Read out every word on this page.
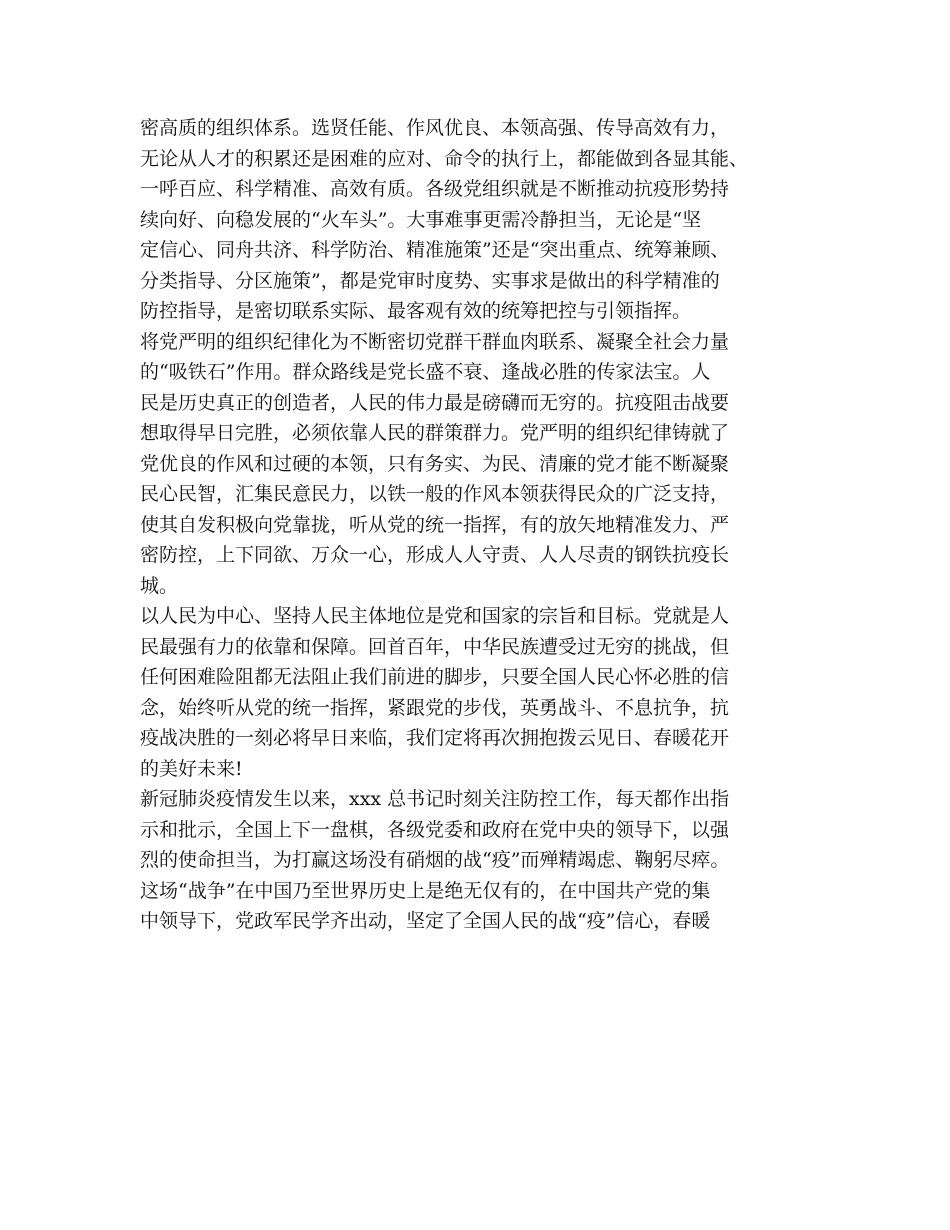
密高质的组织体系。选贤任能、作风优良、本领高强、传导高效有力，
无论从人才的积累还是困难的应对、命令的执行上，都能做到各显其能、
一呼百应、科学精准、高效有质。各级党组织就是不断推动抗疫形势持
续向好、向稳发展的“火车头”。大事难事更需冷静担当，无论是“坚
定信心、同舟共济、科学防治、精准施策”还是“突出重点、统筹兼顾、
分类指导、分区施策”，都是党审时度势、实事求是做出的科学精准的
防控指导，是密切联系实际、最客观有效的统筹把控与引领指挥。
将党严明的组织纪律化为不断密切党群干群血肉联系、凝聚全社会力量
的“吸铁石”作用。群众路线是党长盛不衰、逢战必胜的传家法宝。人
民是历史真正的创造者，人民的伟力最是磅礴而无穷的。抗疫阻击战要
想取得早日完胜，必须依靠人民的群策群力。党严明的组织纪律铸就了
党优良的作风和过硬的本领，只有务实、为民、清廉的党才能不断凝聚
民心民智，汇集民意民力，以铁一般的作风本领获得民众的广泛支持，
使其自发积极向党靠拢，听从党的统一指挥，有的放矢地精准发力、严
密防控，上下同欲、万众一心，形成人人守责、人人尽责的钢铁抗疫长
城。
以人民为中心、坚持人民主体地位是党和国家的宗旨和目标。党就是人
民最强有力的依靠和保障。回首百年，中华民族遭受过无穷的挑战，但
任何困难险阻都无法阻止我们前进的脚步，只要全国人民心怀必胜的信
念，始终听从党的统一指挥，紧跟党的步伐，英勇战斗、不息抗争，抗
疫战决胜的一刻必将早日来临，我们定将再次拥抱拨云见日、春暖花开
的美好未来!
新冠肺炎疫情发生以来，xxx 总书记时刻关注防控工作，每天都作出指
示和批示，全国上下一盘棋，各级党委和政府在党中央的领导下，以强
烈的使命担当，为打赢这场没有硝烟的战“疫”而殚精竭虑、鞠躬尽瘁。
这场“战争”在中国乃至世界历史上是绝无仅有的，在中国共产党的集
中领导下，党政军民学齐出动，坚定了全国人民的战“疫”信心，春暖
